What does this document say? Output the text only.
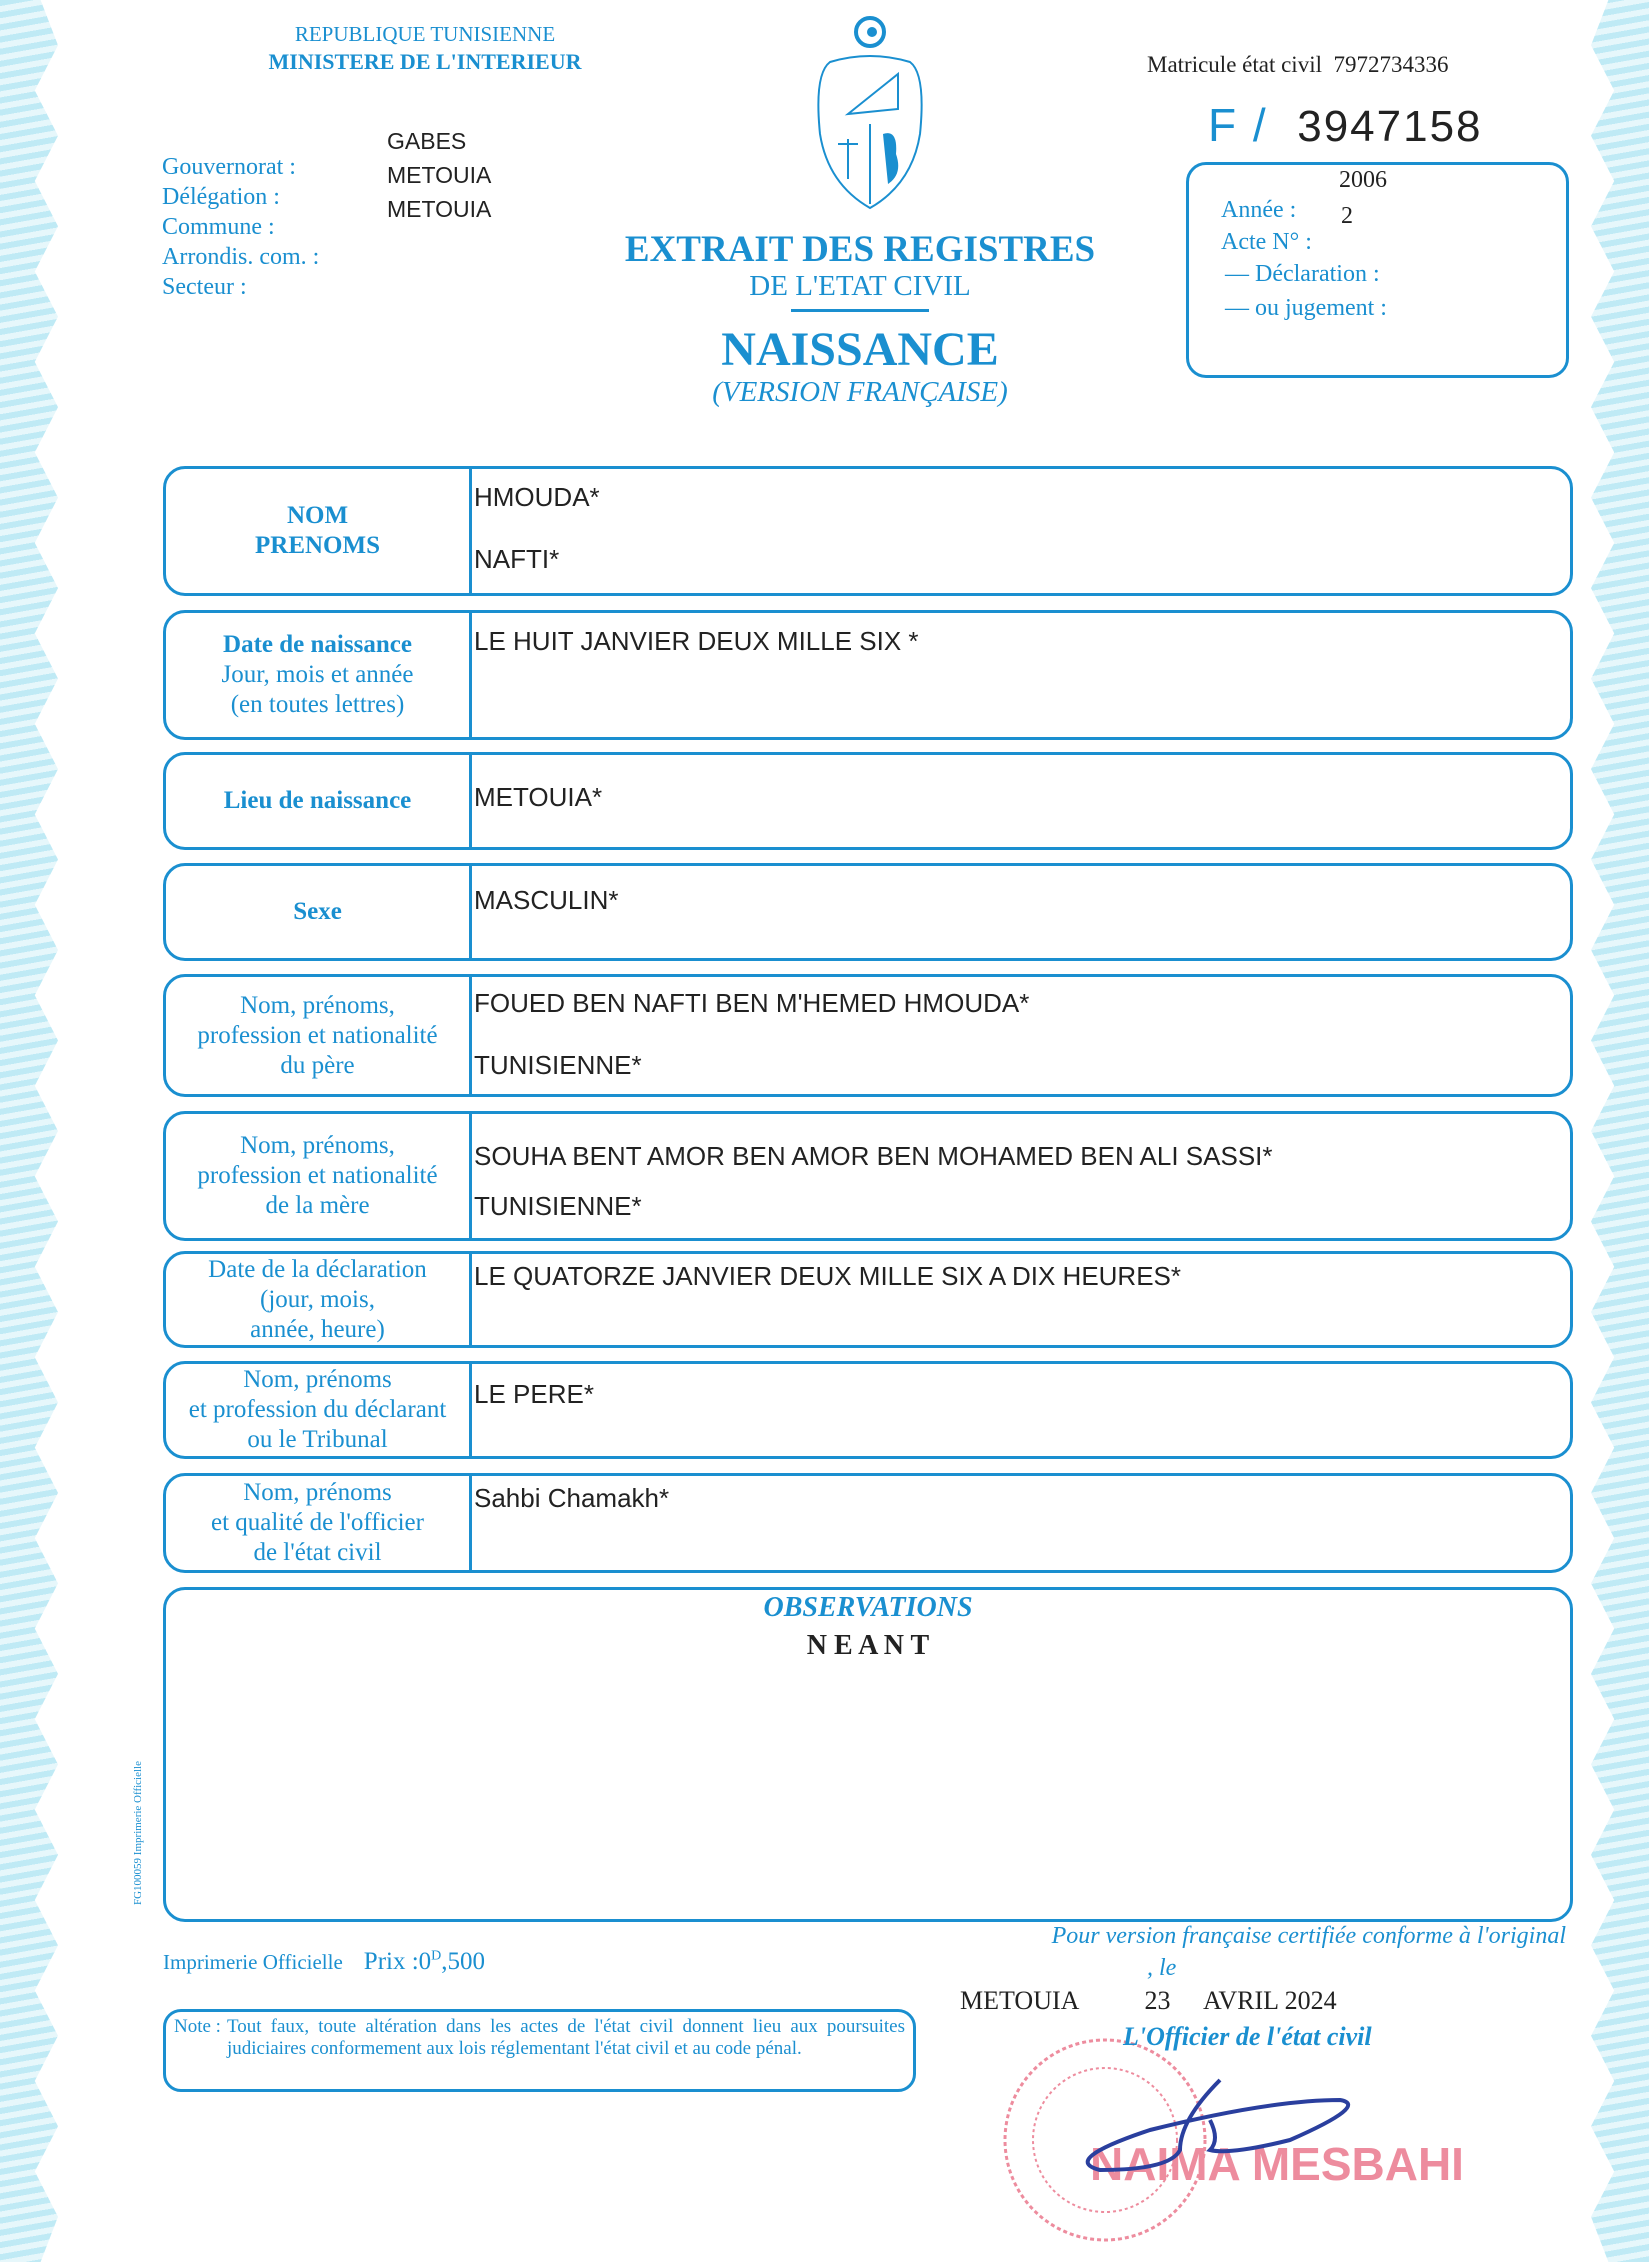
REPUBLIQUE TUNISIENNE
MINISTERE DE L'INTERIEUR
Gouvernorat :
Délégation :
Commune :
Arrondis. com. :
Secteur :
GABES
METOUIA
METOUIA
EXTRAIT DES REGISTRES
DE L'ETAT CIVIL
NAISSANCE
(VERSION FRANÇAISE)
Matricule état civil 7972734336
F / 3947158
2006
Année : 2
Acte N° :
— Déclaration :
— ou jugement :
NOM
PRENOMS
HMOUDA*
NAFTI*
Date de naissance
Jour, mois et année
(en toutes lettres)
LE HUIT JANVIER DEUX MILLE SIX *
Lieu de naissance METOUIA*
Sexe	MASCULIN*
Nom, prénoms,
profession et nationalité
du père
FOUED BEN NAFTI BEN M'HEMED HMOUDA*
TUNISIENNE*
Nom, prénoms,
profession et nationalité
de la mère
SOUHA BENT AMOR BEN AMOR BEN MOHAMED BEN ALI SASSI*
TUNISIENNE*
Date de la déclaration
(jour, mois,
année, heure)
LE QUATORZE JANVIER DEUX MILLE SIX A DIX HEURES*
Nom, prénoms
et profession du déclarant
ou le Tribunal
LE PERE*
Nom, prénoms
et qualité de l'officier
de l'état civil
Sahbi Chamakh*
OBSERVATIONS
N E A N T
FG100059 Imprimerie Officielle
Imprimerie Officielle Prix $:0^D,500$
Note : Tout faux, toute altération dans les actes de l'état civil donnent lieu aux poursuites judiciaires conformement aux lois réglementant l'état civil et au code pénal.
Pour version française certifiée conforme à l'original
, le
NAIMA MESBAHI
METOUIA	23 AVRIL 2024
L'Officier de l'état civil
